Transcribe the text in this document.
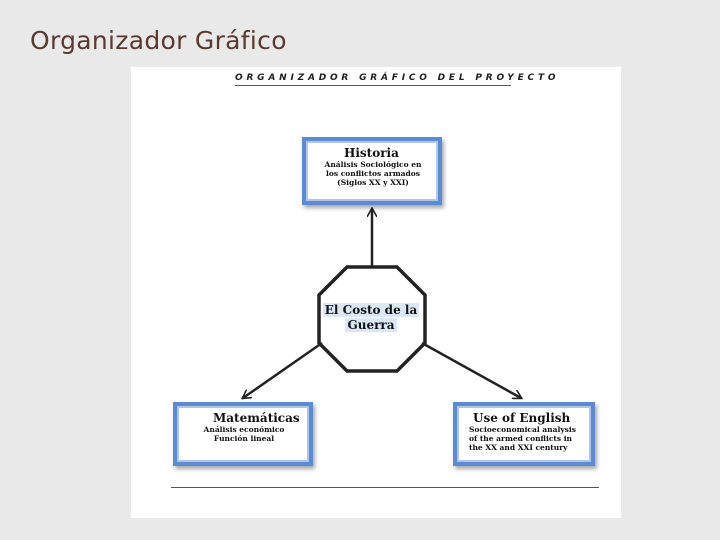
Organizador Gráfico
ORGANIZADOR GRÁFICO DEL PROYECTO
El Costo de la
Guerra
Historia
Análisis Sociológico en
los conflictos armados
(Siglos XX y XXI)
Matemáticas
Análisis económico
Función lineal
Use of English
Socioeconomical analysis
of the armed conflicts in
the XX and XXI century
